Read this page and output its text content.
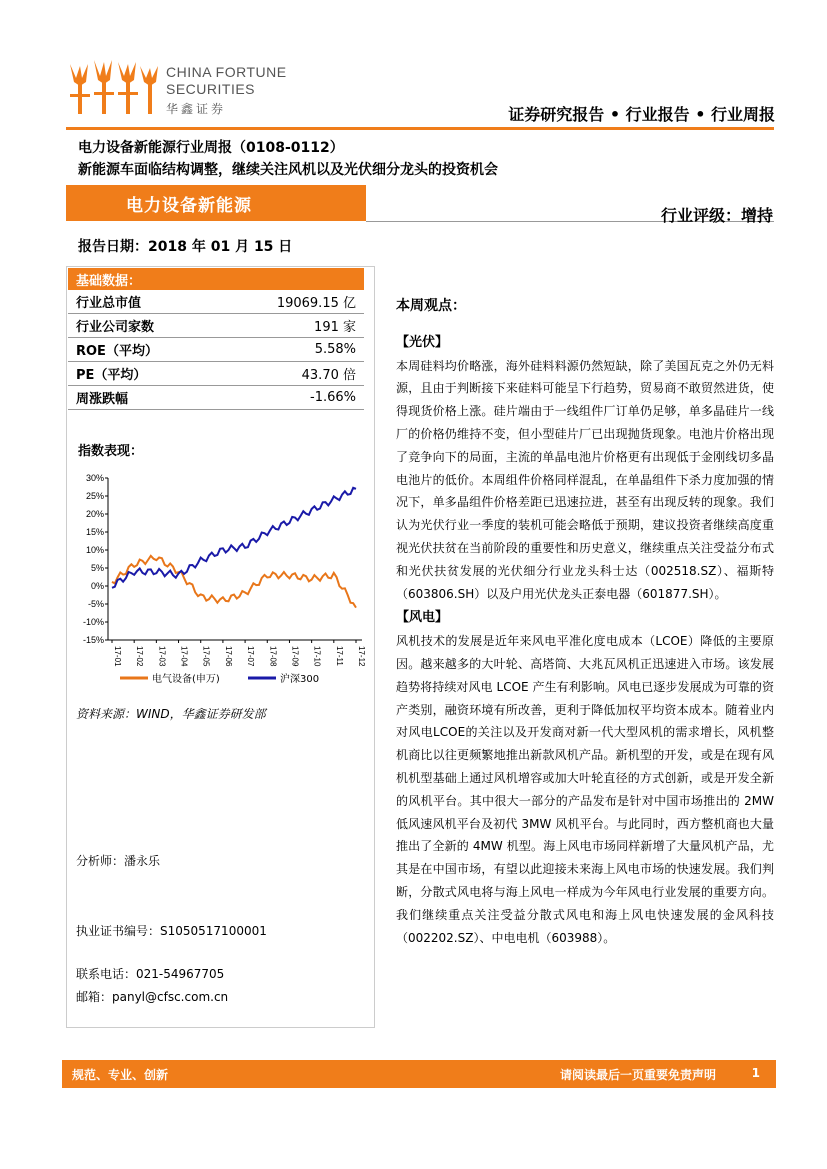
CHINA FORTUNE
SECURITIES
华鑫证券	证券研究报告 • 行业报告 • 行业周报
电力设备新能源行业周报（0108-0112）
新能源车面临结构调整，继续关注风机以及光伏细分龙头的投资机会
电力设备新能源	行业评级：增持
报告日期：2018 年 01 月 15 日
基础数据：	
行业总市值	19069.15 亿
行业公司家数	191 家
ROE（平均）	5.58%
PE（平均）	43.70 倍
周涨跌幅	-1.66%
指数表现：
30%
25%
20%
15%
10%
5%
0%
-5%
-10%
-15%
17-01 17-02 17-03 17-04 17-05 17-06 17-07 17-08 17-09 17-10 17-11 17-12
电气设备(申万)	沪深300
资料来源：WIND，华鑫证券研发部
分析师：潘永乐
执业证书编号：S1050517100001
联系电话：021-54967705
邮箱：panyl@cfsc.com.cn
本周观点：
【光伏】
本周硅料均价略涨，海外硅料料源仍然短缺，除了美国瓦克之外仍无料源，且由于判断接下来硅料可能呈下行趋势，贸易商不敢贸然进货，使得现货价格上涨。硅片端由于一线组件厂订单仍足够，单多晶硅片一线厂的价格仍维持不变，但小型硅片厂已出现抛货现象。电池片价格出现了竞争向下的局面，主流的单晶电池片价格更有出现低于金刚线切多晶电池片的低价。本周组件价格同样混乱，在单晶组件下杀力度加强的情况下，单多晶组件价格差距已迅速拉进，甚至有出现反转的现象。我们认为光伏行业一季度的装机可能会略低于预期，建议投资者继续高度重视光伏扶贫在当前阶段的重要性和历史意义，继续重点关注受益分布式和光伏扶贫发展的光伏细分行业龙头科士达（002518.SZ）、福斯特（603806.SH）以及户用光伏龙头正泰电器（601877.SH）。
【风电】
风机技术的发展是近年来风电平准化度电成本（LCOE）降低的主要原因。越来越多的大叶轮、高塔筒、大兆瓦风机正迅速进入市场。该发展趋势将持续对风电 LCOE 产生有利影响。风电已逐步发展成为可靠的资产类别，融资环境有所改善，更利于降低加权平均资本成本。随着业内对风电LCOE的关注以及开发商对新一代大型风机的需求增长，风机整机商比以往更频繁地推出新款风机产品。新机型的开发，或是在现有风机机型基础上通过风机增容或加大叶轮直径的方式创新，或是开发全新的风机平台。其中很大一部分的产品发布是针对中国市场推出的 2MW 低风速风机平台及初代 3MW 风机平台。与此同时，西方整机商也大量推出了全新的 4MW 机型。海上风电市场同样新增了大量风机产品，尤其是在中国市场，有望以此迎接未来海上风电市场的快速发展。我们判断，分散式风电将与海上风电一样成为今年风电行业发展的重要方向。我们继续重点关注受益分散式风电和海上风电快速发展的金风科技（002202.SZ）、中电电机（603988）。
规范、专业、创新	请阅读最后一页重要免责声明	1
